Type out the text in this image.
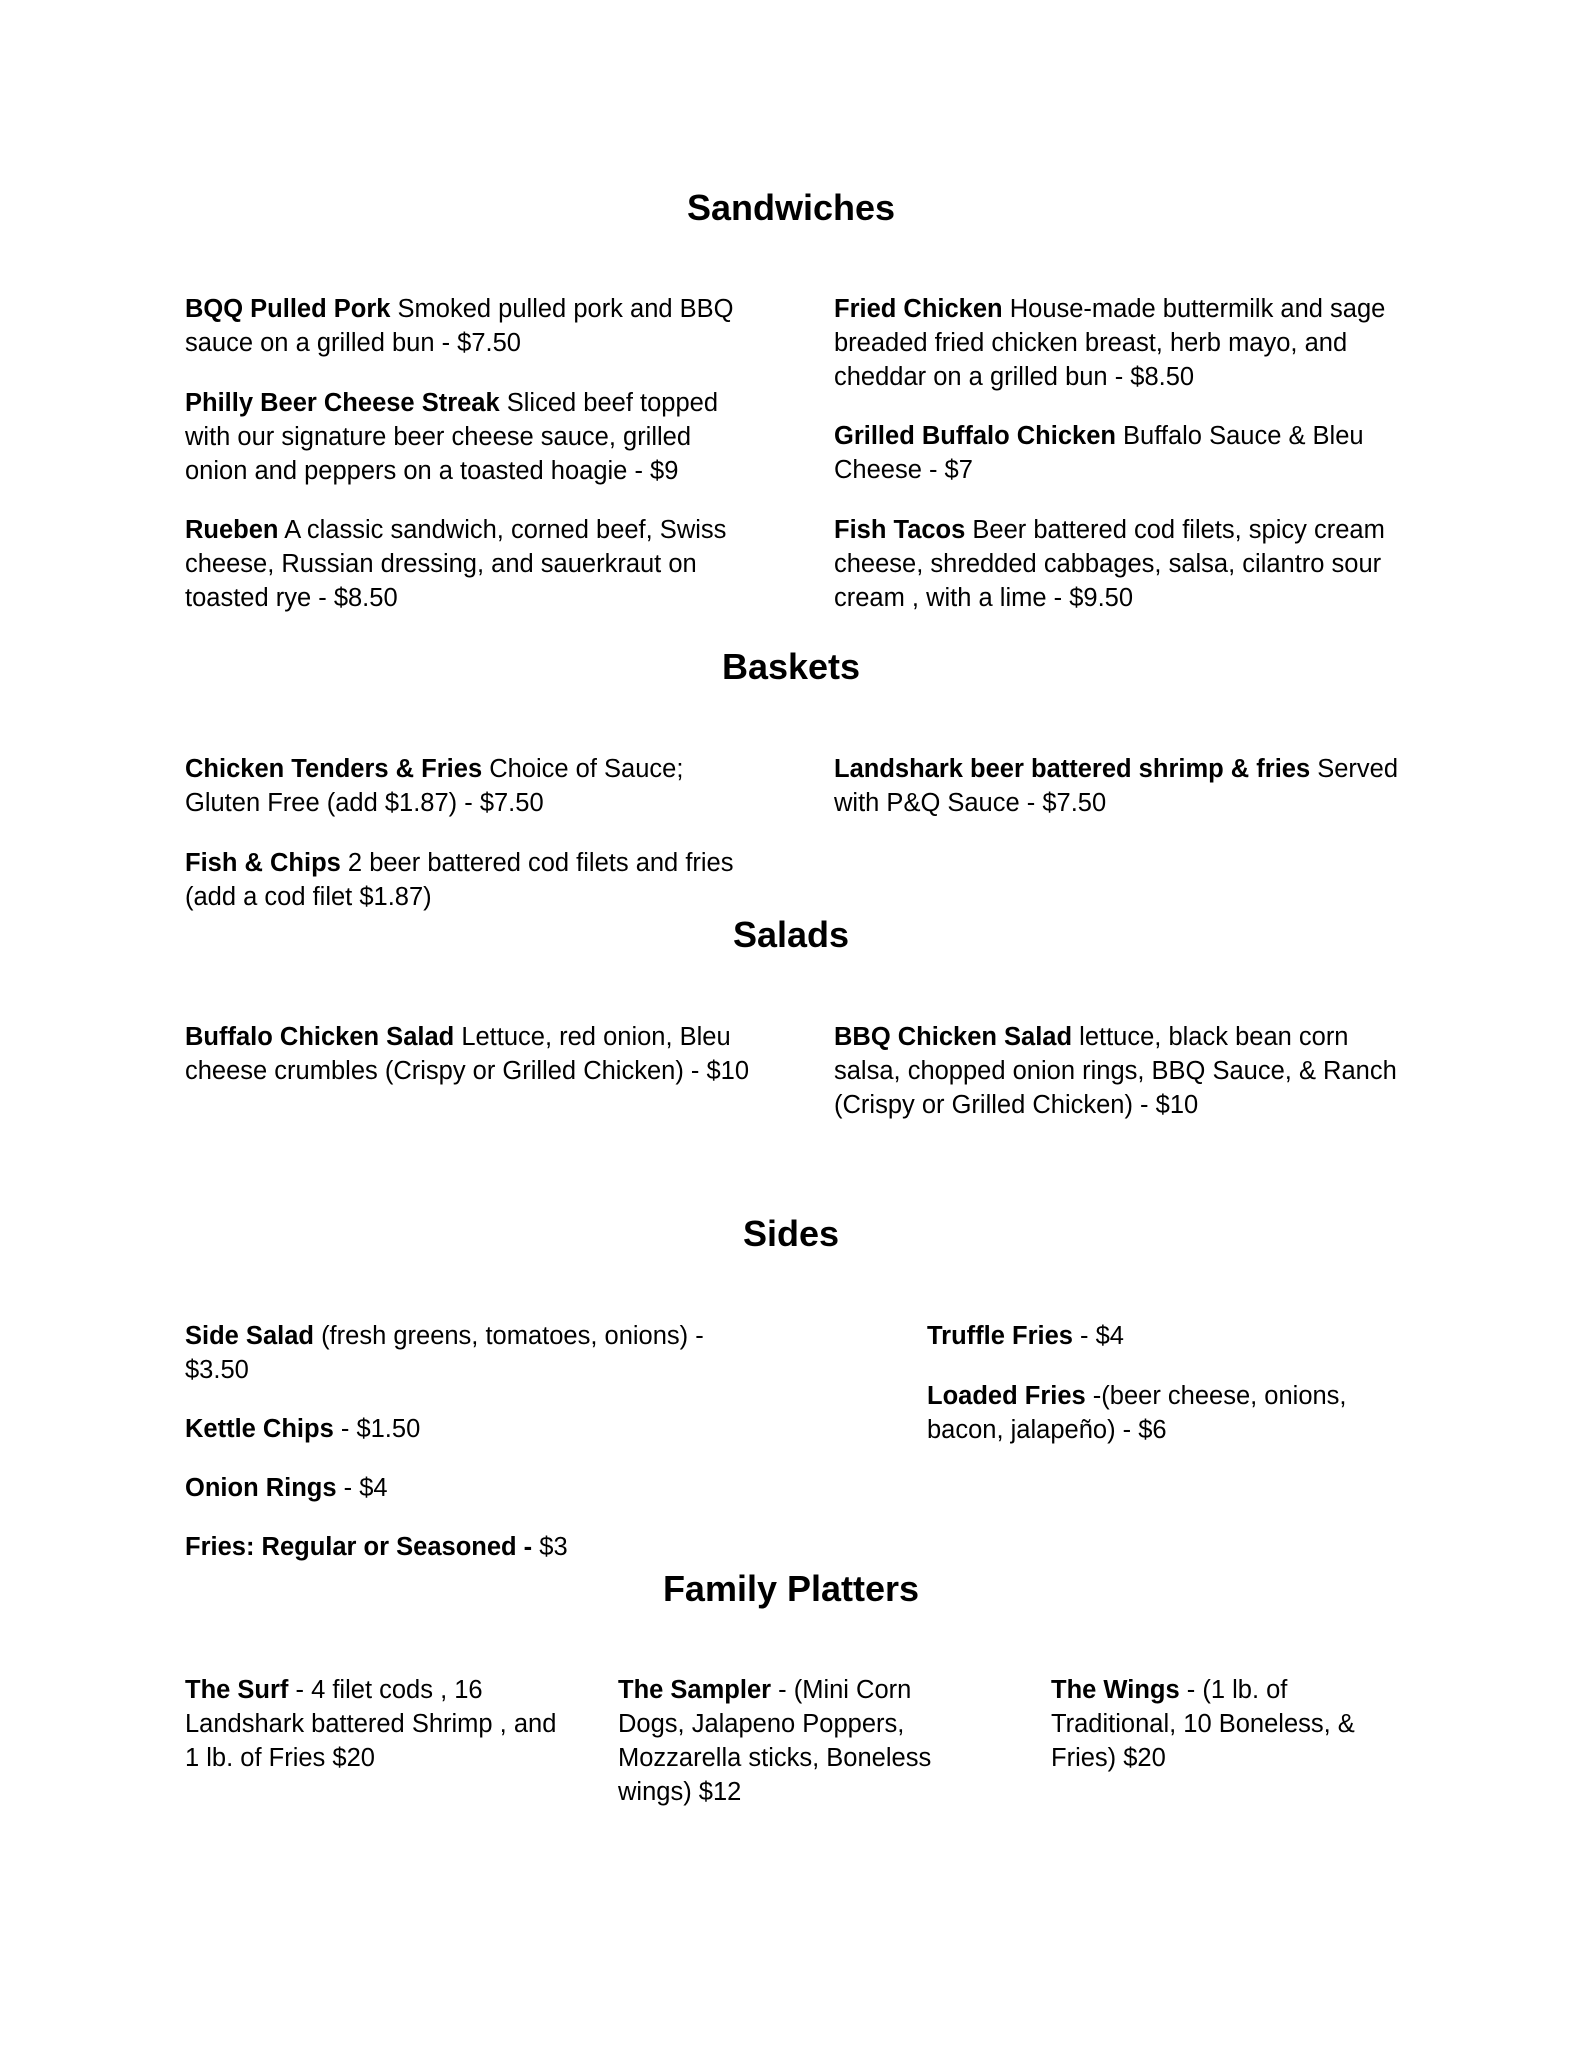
Sandwiches

BQQ Pulled Pork Smoked pulled pork and BBQ sauce on a grilled bun - $7.50

Philly Beer Cheese Streak Sliced beef topped with our signature beer cheese sauce, grilled onion and peppers on a toasted hoagie - $9

Rueben A classic sandwich, corned beef, Swiss cheese, Russian dressing, and sauerkraut on toasted rye - $8.50

Fried Chicken House-made buttermilk and sage breaded fried chicken breast, herb mayo, and cheddar on a grilled bun - $8.50

Grilled Buffalo Chicken Buffalo Sauce & Bleu Cheese - $7

Fish Tacos Beer battered cod filets, spicy cream cheese, shredded cabbages, salsa, cilantro sour cream , with a lime - $9.50

Baskets

Chicken Tenders & Fries Choice of Sauce; Gluten Free (add $1.87) - $7.50

Fish & Chips 2 beer battered cod filets and fries (add a cod filet $1.87)

Landshark beer battered shrimp & fries Served with P&Q Sauce - $7.50

Salads

Buffalo Chicken Salad Lettuce, red onion, Bleu cheese crumbles (Crispy or Grilled Chicken) - $10

BBQ Chicken Salad lettuce, black bean corn salsa, chopped onion rings, BBQ Sauce, & Ranch (Crispy or Grilled Chicken) - $10

Sides

Side Salad (fresh greens, tomatoes, onions) - $3.50

Kettle Chips - $1.50

Onion Rings - $4

Fries: Regular or Seasoned - $3

Truffle Fries - $4

Loaded Fries -(beer cheese, onions, bacon, jalapeño) - $6

Family Platters

The Surf - 4 filet cods , 16 Landshark battered Shrimp , and 1 lb. of Fries $20

The Sampler - (Mini Corn Dogs, Jalapeno Poppers, Mozzarella sticks, Boneless wings) $12

The Wings - (1 lb. of Traditional, 10 Boneless, & Fries) $20
